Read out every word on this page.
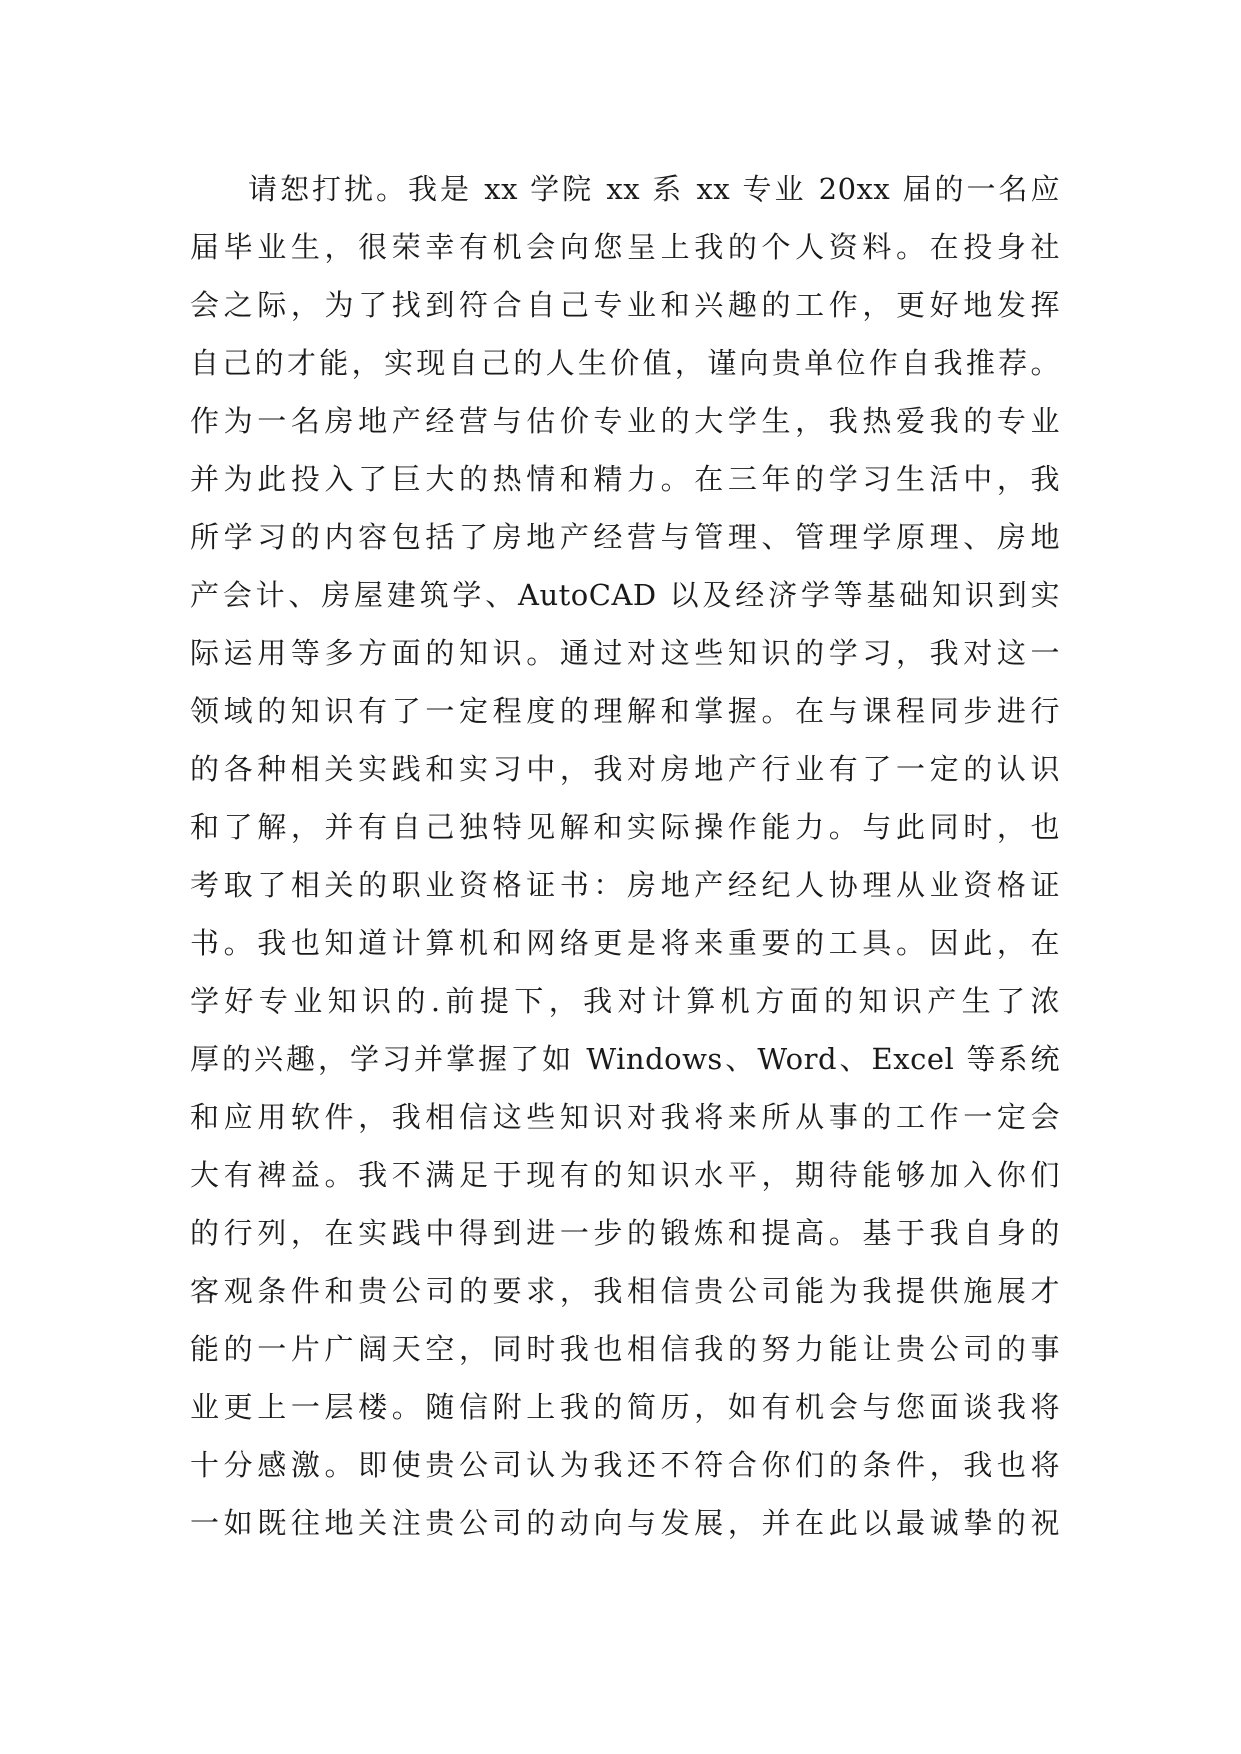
请恕打扰。我是 xx 学院 xx 系 xx 专业 20xx 届的一名应
届毕业生，很荣幸有机会向您呈上我的个人资料。在投身社
会之际，为了找到符合自己专业和兴趣的工作，更好地发挥
自己的才能，实现自己的人生价值，谨向贵单位作自我推荐。
作为一名房地产经营与估价专业的大学生，我热爱我的专业
并为此投入了巨大的热情和精力。在三年的学习生活中，我
所学习的内容包括了房地产经营与管理、管理学原理、房地
产会计、房屋建筑学、AutoCAD 以及经济学等基础知识到实
际运用等多方面的知识。通过对这些知识的学习，我对这一
领域的知识有了一定程度的理解和掌握。在与课程同步进行
的各种相关实践和实习中，我对房地产行业有了一定的认识
和了解，并有自己独特见解和实际操作能力。与此同时，也
考取了相关的职业资格证书：房地产经纪人协理从业资格证
书。我也知道计算机和网络更是将来重要的工具。因此，在
学好专业知识的.前提下，我对计算机方面的知识产生了浓
厚的兴趣，学习并掌握了如 Windows、Word、Excel 等系统
和应用软件，我相信这些知识对我将来所从事的工作一定会
大有裨益。我不满足于现有的知识水平，期待能够加入你们
的行列，在实践中得到进一步的锻炼和提高。基于我自身的
客观条件和贵公司的要求，我相信贵公司能为我提供施展才
能的一片广阔天空，同时我也相信我的努力能让贵公司的事
业更上一层楼。随信附上我的简历，如有机会与您面谈我将
十分感激。即使贵公司认为我还不符合你们的条件，我也将
一如既往地关注贵公司的动向与发展，并在此以最诚挚的祝
